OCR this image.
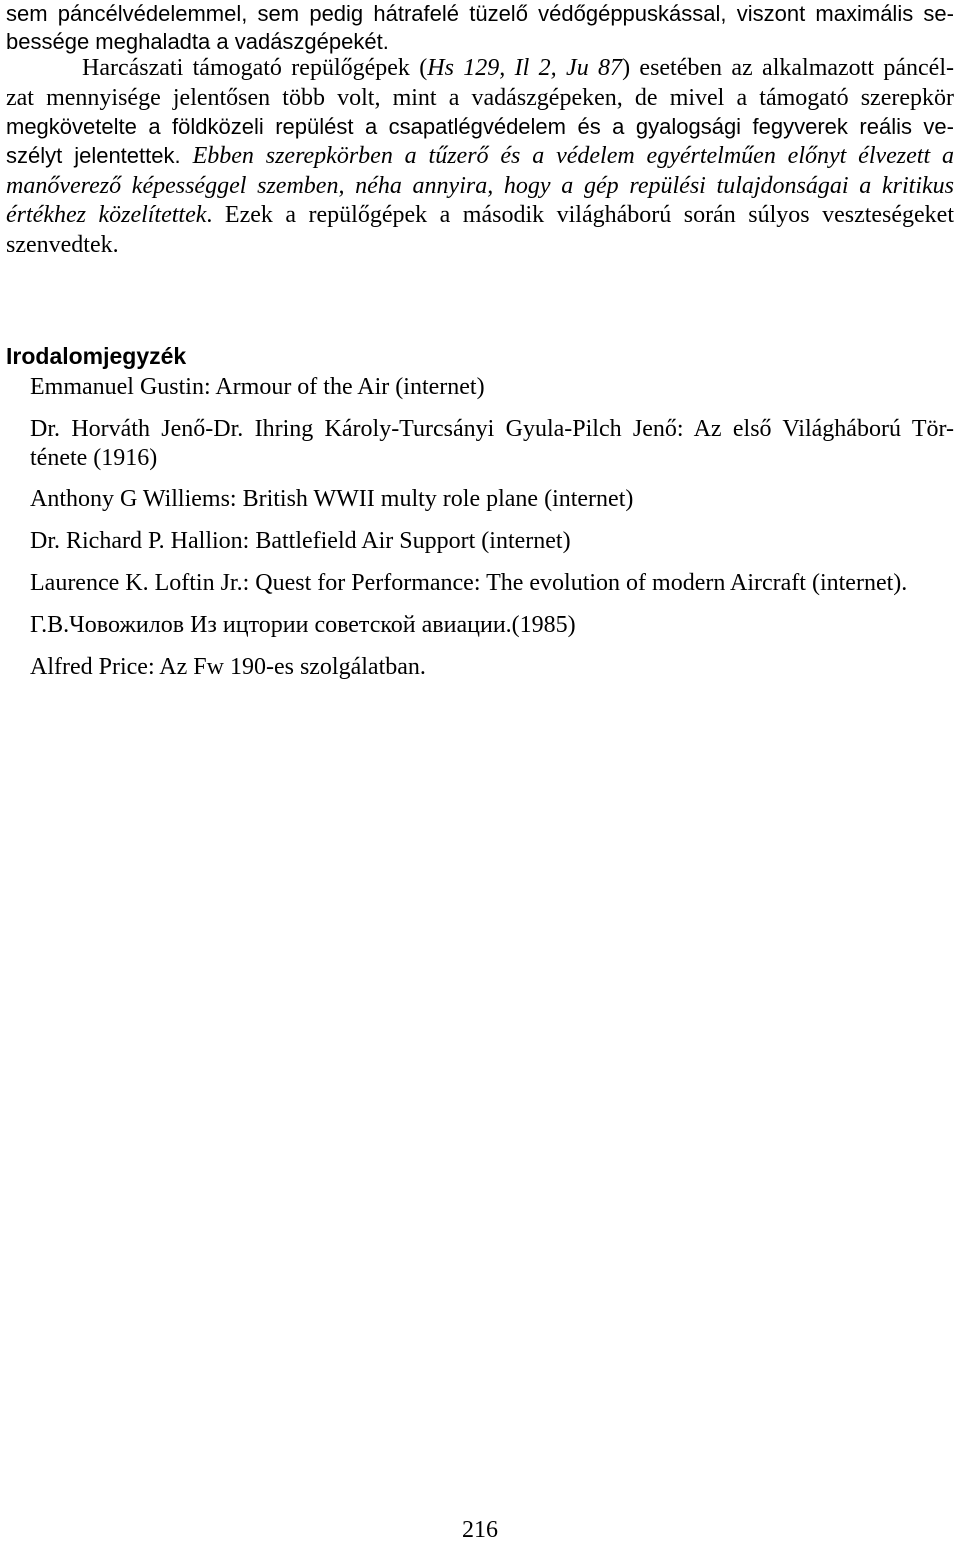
sem páncélvédelemmel, sem pedig hátrafelé tüzelő védőgéppuskással, viszont maximális se-

bessége meghaladta a vadászgépekét.

Harcászati támogató repülőgépek (Hs 129, Il 2, Ju 87) esetében az alkalmazott páncél-

zat mennyisége jelentősen több volt, mint a vadászgépeken, de mivel a támogató szerepkör

megkövetelte a földközeli repülést a csapatlégvédelem és a gyalogsági fegyverek reális ve-

szélyt jelentettek. Ebben szerepkörben a tűzerő és a védelem egyértelműen előnyt élvezett a

manőverező képességgel szemben, néha annyira, hogy a gép repülési tulajdonságai a kritikus

értékhez közelítettek. Ezek a repülőgépek a második világháború során súlyos veszteségeket

szenvedtek.

Irodalomjegyzék

Emmanuel Gustin: Armour of the Air (internet)

Dr. Horváth Jenő-Dr. Ihring Károly-Turcsányi Gyula-Pilch Jenő: Az első Világháború Tör-

ténete (1916)

Anthony G Williems: British WWII multy role plane (internet)

Dr. Richard P. Hallion: Battlefield Air Support (internet)

Laurence K. Loftin Jr.: Quest for Performance: The evolution of modern Aircraft (internet).

Г.В.Човожилов Из ицтории советской авиации.(1985)

Alfred Price: Az Fw 190-es szolgálatban.

216
